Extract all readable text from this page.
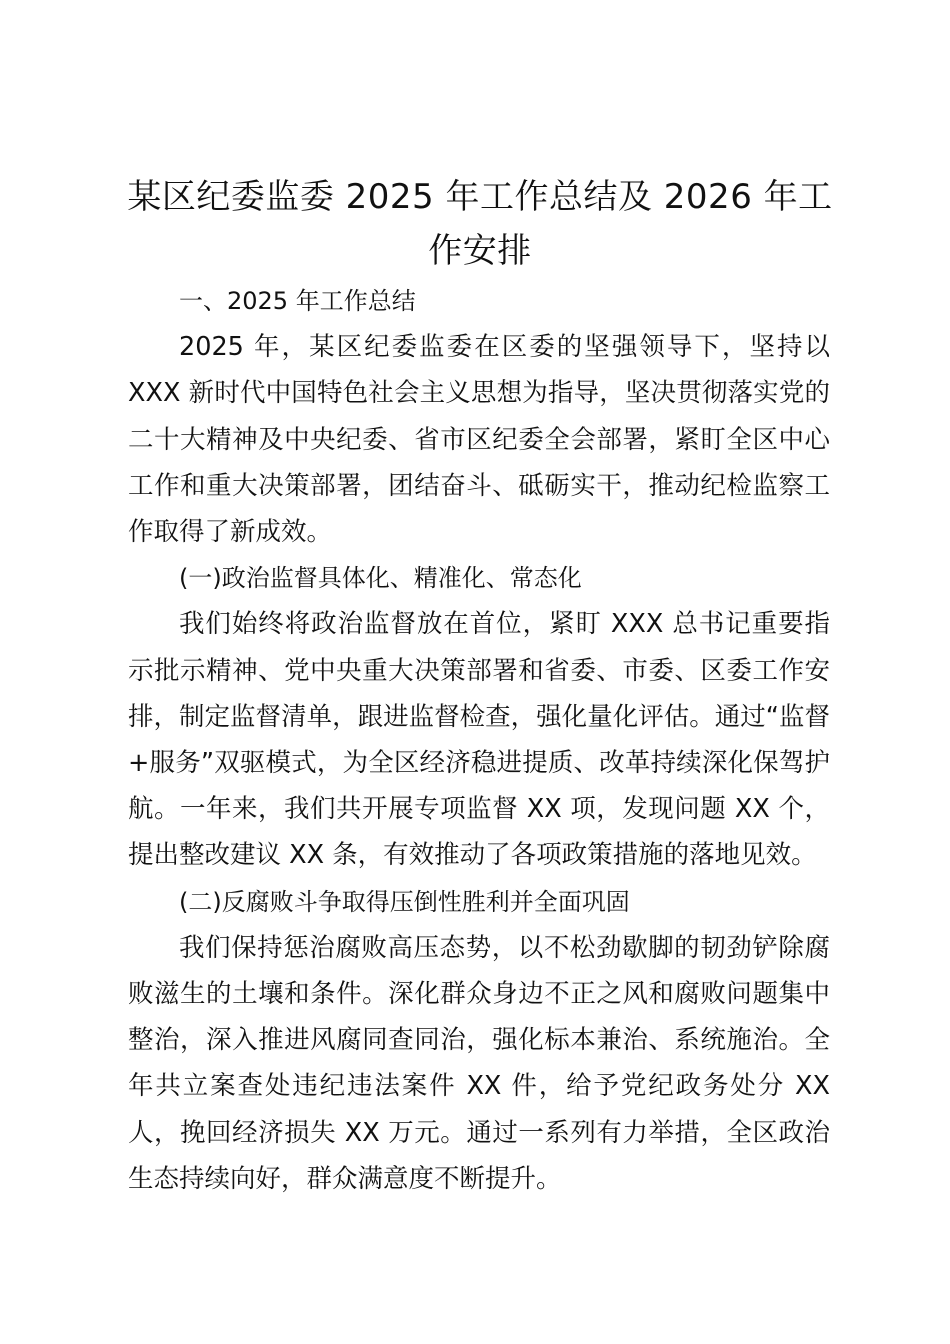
某区纪委监委 2025 年工作总结及 2026 年工作安排

一、2025 年工作总结

2025 年，某区纪委监委在区委的坚强领导下，坚持以 XXX 新时代中国特色社会主义思想为指导，坚决贯彻落实党的二十大精神及中央纪委、省市区纪委全会部署，紧盯全区中心工作和重大决策部署，团结奋斗、砥砺实干，推动纪检监察工作取得了新成效。

(一)政治监督具体化、精准化、常态化

我们始终将政治监督放在首位，紧盯 XXX 总书记重要指示批示精神、党中央重大决策部署和省委、市委、区委工作安排，制定监督清单，跟进监督检查，强化量化评估。通过“监督+服务”双驱模式，为全区经济稳进提质、改革持续深化保驾护航。一年来，我们共开展专项监督 XX 项，发现问题 XX 个，提出整改建议 XX 条，有效推动了各项政策措施的落地见效。

(二)反腐败斗争取得压倒性胜利并全面巩固

我们保持惩治腐败高压态势，以不松劲歇脚的韧劲铲除腐败滋生的土壤和条件。深化群众身边不正之风和腐败问题集中整治，深入推进风腐同查同治，强化标本兼治、系统施治。全年共立案查处违纪违法案件 XX 件，给予党纪政务处分 XX 人，挽回经济损失 XX 万元。通过一系列有力举措，全区政治生态持续向好，群众满意度不断提升。
